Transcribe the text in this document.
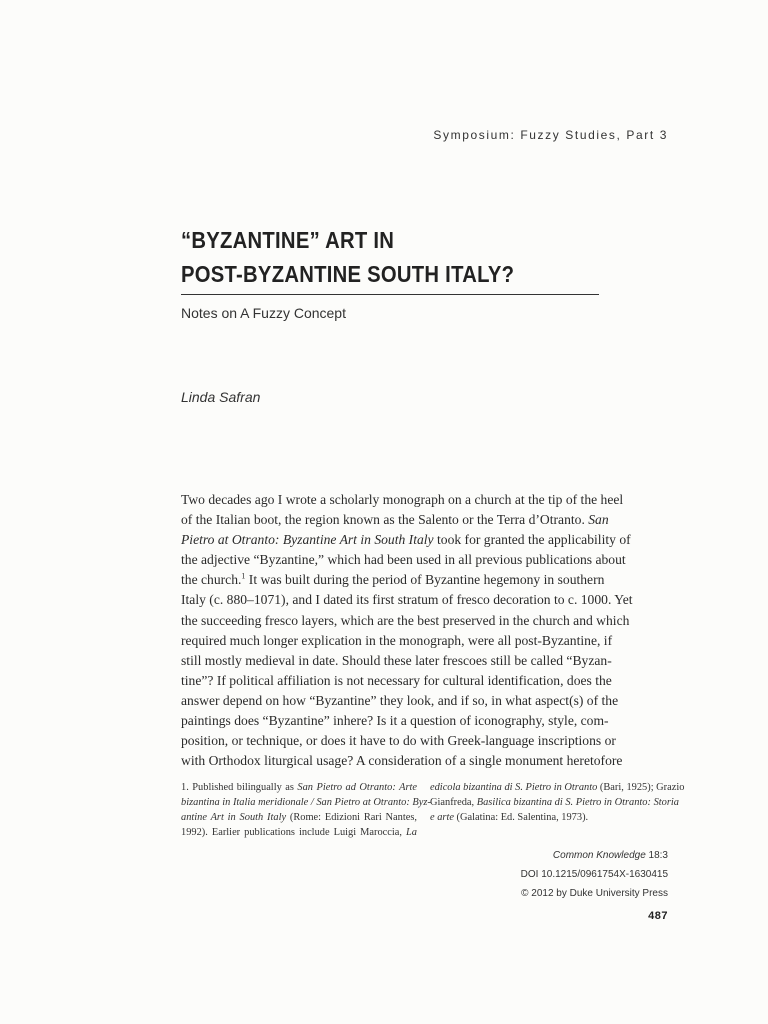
Symposium: Fuzzy Studies, Part 3

“BYZANTINE” ART IN
POST-BYZANTINE SOUTH ITALY?

Notes on A Fuzzy Concept

Linda Safran

Two decades ago I wrote a scholarly monograph on a church at the tip of the heel
of the Italian boot, the region known as the Salento or the Terra d’Otranto. San
Pietro at Otranto: Byzantine Art in South Italy took for granted the applicability of
the adjective “Byzantine,” which had been used in all previous publications about
the church.$^1$ It was built during the period of Byzantine hegemony in southern
Italy (c. 880–1071), and I dated its first stratum of fresco decoration to c. 1000. Yet
the succeeding fresco layers, which are the best preserved in the church and which
required much longer explication in the monograph, were all post-Byzantine, if
still mostly medieval in date. Should these later frescoes still be called “Byzan-
tine”? If political affiliation is not necessary for cultural identification, does the
answer depend on how “Byzantine” they look, and if so, in what aspect(s) of the
paintings does “Byzantine” inhere? Is it a question of iconography, style, com-
position, or technique, or does it have to do with Greek-language inscriptions or
with Orthodox liturgical usage? A consideration of a single monument heretofore
1. Published bilingually as San Pietro ad Otranto: Arte
bizantina in Italia meridionale / San Pietro at Otranto: Byz-
antine Art in South Italy (Rome: Edizioni Rari Nantes,
1992). Earlier publications include Luigi Maroccia, La
edicola bizantina di S. Pietro in Otranto (Bari, 1925); Grazio
Gianfreda, Basilica bizantina di S. Pietro in Otranto: Storia
e arte (Galatina: Ed. Salentina, 1973).

Common Knowledge 18:3

DOI 10.1215/0961754X-1630415

© 2012 by Duke University Press

487
